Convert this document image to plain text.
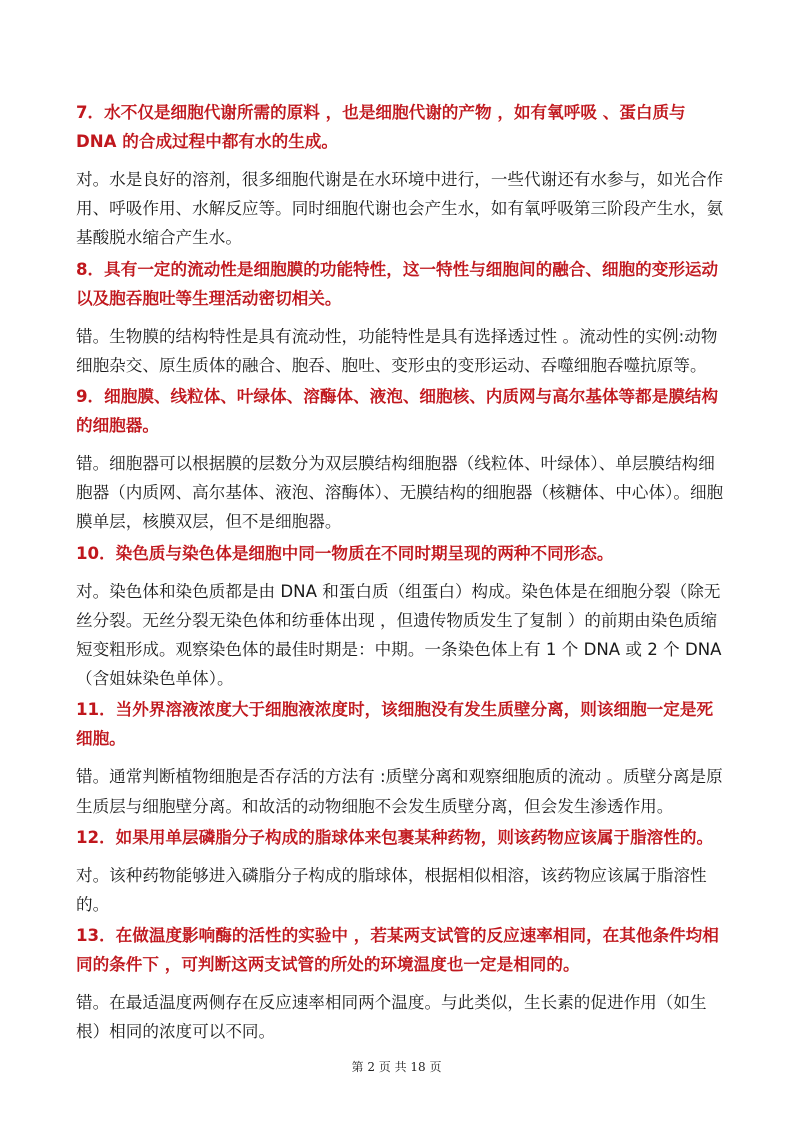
7．水不仅是细胞代谢所需的原料 ，也是细胞代谢的产物 ，如有氧呼吸 、蛋白质与 DNA 的合成过程中都有水的生成。

对。水是良好的溶剂，很多细胞代谢是在水环境中进行，一些代谢还有水参与，如光合作用、呼吸作用、水解反应等。同时细胞代谢也会产生水，如有氧呼吸第三阶段产生水，氨基酸脱水缩合产生水。

8．具有一定的流动性是细胞膜的功能特性，这一特性与细胞间的融合、细胞的变形运动以及胞吞胞吐等生理活动密切相关。

错。生物膜的结构特性是具有流动性，功能特性是具有选择透过性 。流动性的实例:动物细胞杂交、原生质体的融合、胞吞、胞吐、变形虫的变形运动、吞噬细胞吞噬抗原等。

9．细胞膜、线粒体、叶绿体、溶酶体、液泡、细胞核、内质网与高尔基体等都是膜结构的细胞器。

错。细胞器可以根据膜的层数分为双层膜结构细胞器（线粒体、叶绿体）、单层膜结构细胞器（内质网、高尔基体、液泡、溶酶体）、无膜结构的细胞器（核糖体、中心体）。细胞膜单层，核膜双层，但不是细胞器。

10．染色质与染色体是细胞中同一物质在不同时期呈现的两种不同形态。

对。染色体和染色质都是由 DNA 和蛋白质（组蛋白）构成。染色体是在细胞分裂（除无丝分裂。无丝分裂无染色体和纺垂体出现 ，但遗传物质发生了复制 ）的前期由染色质缩短变粗形成。观察染色体的最佳时期是：中期。一条染色体上有 1 个 DNA 或 2 个 DNA（含姐妹染色单体）。

11．当外界溶液浓度大于细胞液浓度时，该细胞没有发生质壁分离，则该细胞一定是死细胞。

错。通常判断植物细胞是否存活的方法有 :质壁分离和观察细胞质的流动 。质壁分离是原生质层与细胞壁分离。和故活的动物细胞不会发生质壁分离，但会发生渗透作用。

12．如果用单层磷脂分子构成的脂球体来包裹某种药物，则该药物应该属于脂溶性的。

对。该种药物能够进入磷脂分子构成的脂球体，根据相似相溶，该药物应该属于脂溶性的。

13．在做温度影响酶的活性的实验中 ，若某两支试管的反应速率相同，在其他条件均相同的条件下 ，可判断这两支试管的所处的环境温度也一定是相同的。

错。在最适温度两侧存在反应速率相同两个温度。与此类似，生长素的促进作用（如生根）相同的浓度可以不同。

第 2 页 共 18 页
